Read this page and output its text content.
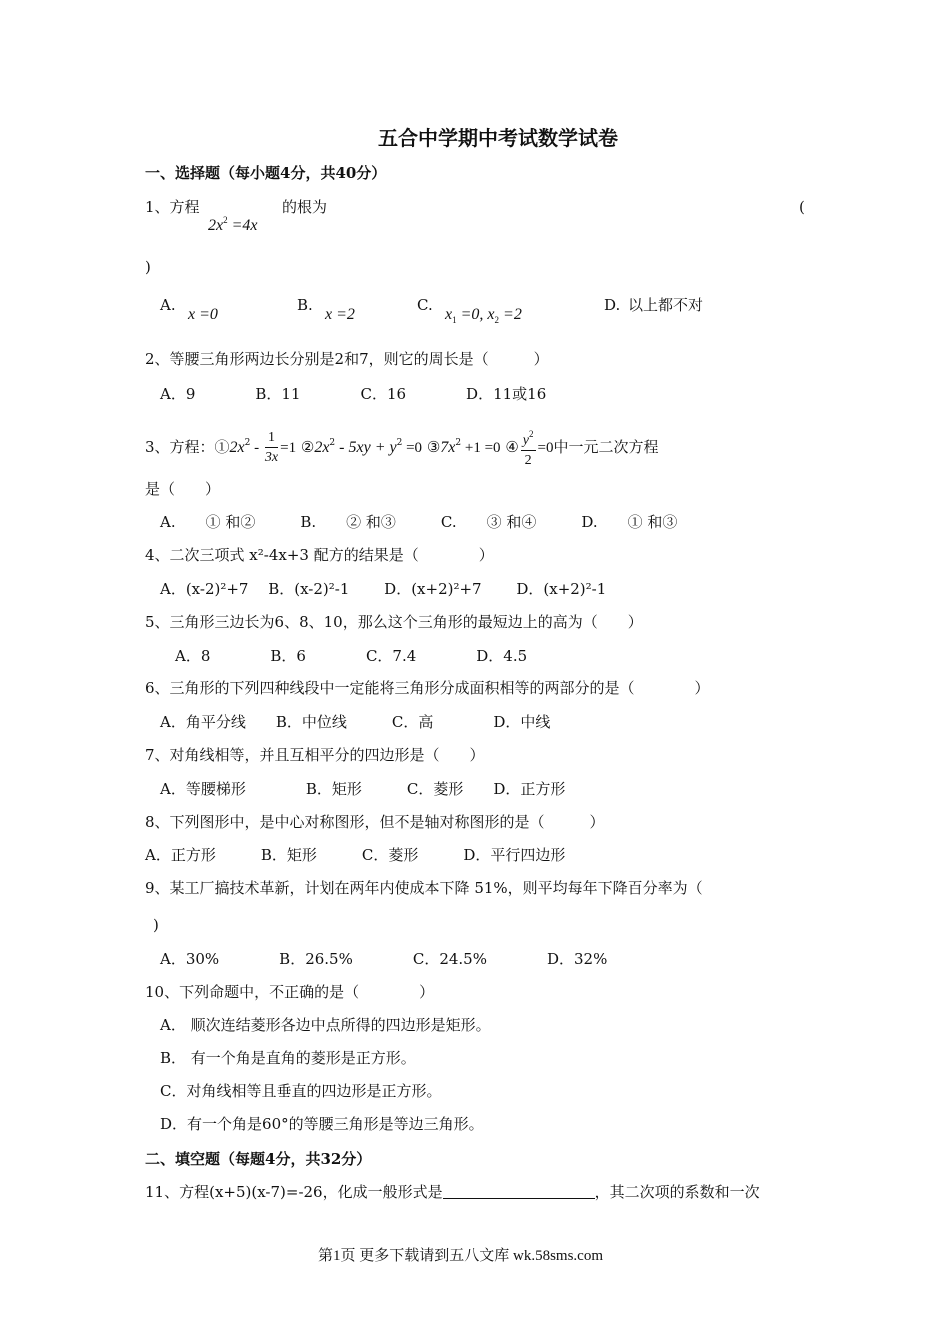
五合中学期中考试数学试卷
一、选择题（每小题4分，共40分）
1、方程
$2x^2 =4x$
的根为	(
)
A.
x =0
B.
x =2
C.
$x_1 =0$, $x_2 =2$
D. 以上都不对
2、等腰三角形两边长分别是2和7，则它的周长是（　　　）
A．9　　　　B．11　　　　C．16　　　　D．11或16
3、方程：$①2x^2 - \frac{1}{3x} =1$ $②2x^2 - 5xy + y^2 =0$ $③7x^2 +1 =0$ ④ $\frac{y^2}{2} =0$中一元二次方程
是（　　）
A.　　① 和②　　　B.　　② 和③　　　C.　　③ 和④　　　D.　　① 和③
4、二次三项式 x²-4x+3 配方的结果是（　　　　）
A．(x-2)²+7　 B．(x-2)²-1　　 D．(x+2)²+7　　 D．(x+2)²-1
5、三角形三边长为6、8、10，那么这个三角形的最短边上的高为（　　）
A．8　　　　B．6　　　　C．7.4　　　　D．4.5
6、三角形的下列四种线段中一定能将三角形分成面积相等的两部分的是（　　　　）
A．角平分线　　B．中位线　　　C．高　　　　D．中线
7、对角线相等，并且互相平分的四边形是（　　）
A．等腰梯形　　　　B．矩形　　　C．菱形　　D．正方形
8、下列图形中，是中心对称图形，但不是轴对称图形的是（　　　）
A．正方形　　　B．矩形　　　C．菱形　　　D．平行四边形
9、某工厂搞技术革新，计划在两年内使成本下降 51%，则平均每年下降百分率为（
)
A．30%　　　　B．26.5%　　　　C．24.5%　　　　D．32%
10、下列命题中，不正确的是（　　　　）
A． 顺次连结菱形各边中点所得的四边形是矩形。
B． 有一个角是直角的菱形是正方形。
C．对角线相等且垂直的四边形是正方形。
D．有一个角是60°的等腰三角形是等边三角形。
二、填空题（每题4分，共32分）
11、方程(x+5)(x-7)=-26，化成一般形式是	，其二次项的系数和一次
第1页 更多下载请到五八文库 wk.58sms.com
